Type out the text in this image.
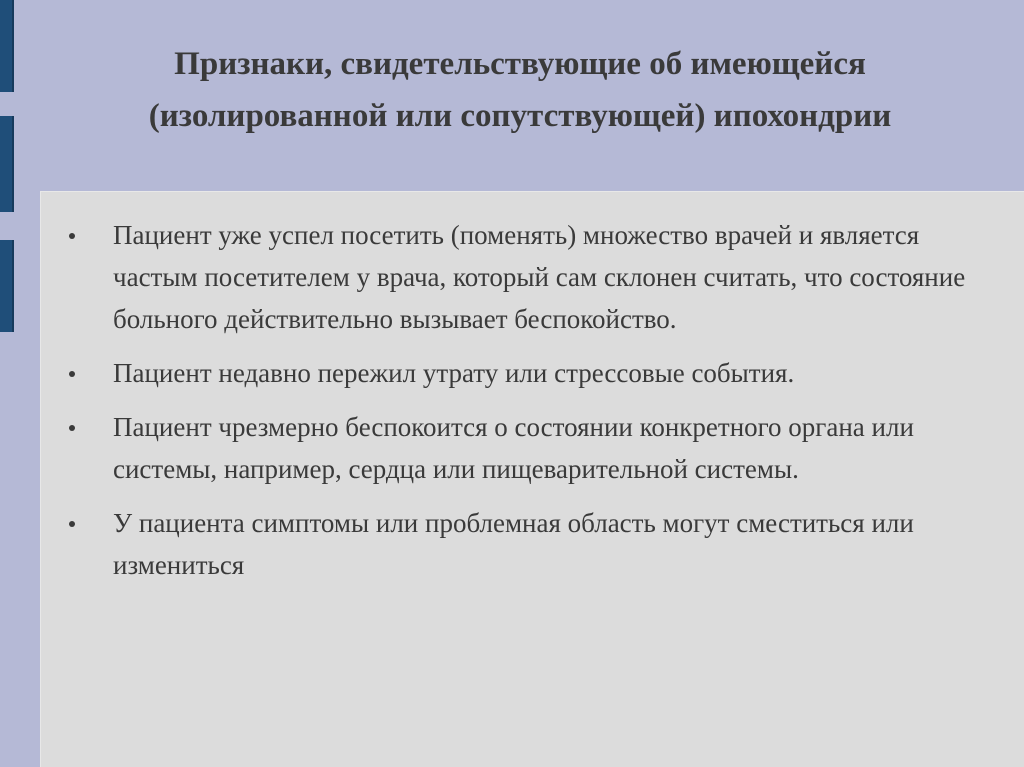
Признаки, свидетельствующие об имеющейся
(изолированной или сопутствующей) ипохондрии
Пациент уже успел посетить (поменять) множество врачей и является частым посетителем у врача, который сам склонен считать, что состояние больного действительно вызывает беспокойство.
Пациент недавно пережил утрату или стрессовые события.
Пациент чрезмерно беспокоится о состоянии конкретного органа или системы, например, сердца или пищеварительной системы.
У пациента симптомы или проблемная область могут сместиться или измениться
